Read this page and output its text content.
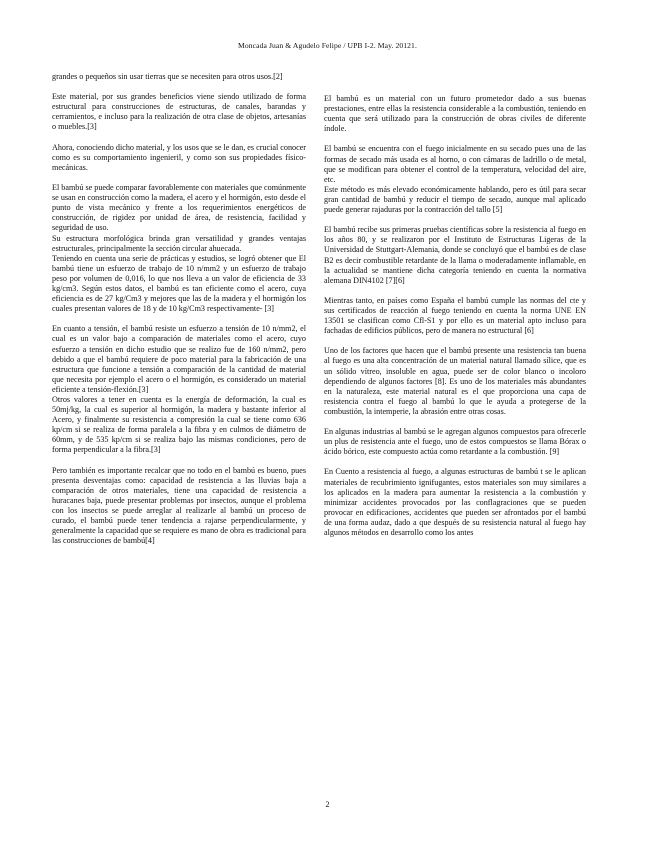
Moncada Juan & Agudelo Felipe / UPB I-2. May. 20121.

grandes o pequeños sin usar tierras que se necesiten para otros usos.[2]

Este material, por sus grandes beneficios viene siendo utilizado de forma estructural para construcciones de estructuras, de canales, barandas y cerramientos, e incluso para la realización de otra clase de objetos, artesanías o muebles.[3]

Ahora, conociendo dicho material, y los usos que se le dan, es crucial conocer como es su comportamiento ingenieril, y como son sus propiedades físico-mecánicas.

El bambú se puede comparar favorablemente con materiales que comúnmente se usan en construcción como la madera, el acero y el hormigón, esto desde el punto de vista mecánico y frente a los requerimientos energéticos de construcción, de rigidez por unidad de área, de resistencia, facilidad y seguridad de uso.

Su estructura morfológica brinda gran versatilidad y grandes ventajas estructurales, principalmente la sección circular ahuecada.

Teniendo en cuenta una serie de prácticas y estudios, se logró obtener que El bambú tiene un esfuerzo de trabajo de 10 n/mm2 y un esfuerzo de trabajo peso por volumen de 0,016, lo que nos lleva a un valor de eficiencia de 33 kg/cm3. Según estos datos, el bambú es tan eficiente como el acero, cuya eficiencia es de 27 kg/Cm3 y mejores que las de la madera y el hormigón los cuales presentan valores de 18 y de 10 kg/Cm3 respectivamente- [3]

En cuanto a tensión, el bambú resiste un esfuerzo a tensión de 10 n/mm2, el cual es un valor bajo a comparación de materiales como el acero, cuyo esfuerzo a tensión en dicho estudio que se realizo fue de 160 n/mm2, pero debido a que el bambú requiere de poco material para la fabricación de una estructura que funcione a tensión a comparación de la cantidad de material que necesita por ejemplo el acero o el hormigón, es considerado un material eficiente a tensión-flexión.[3]

Otros valores a tener en cuenta es la energía de deformación, la cual es 50mj/kg, la cual es superior al hormigón, la madera y bastante inferior al Acero, y finalmente su resistencia a compresión la cual se tiene como 636 kp/cm si se realiza de forma paralela a la fibra y en culmos de diámetro de 60mm, y de 535 kp/cm si se realiza bajo las mismas condiciones, pero de forma perpendicular a la fibra.[3]

Pero también es importante recalcar que no todo en el bambú es bueno, pues presenta desventajas como: capacidad de resistencia a las lluvias baja a comparación de otros materiales, tiene una capacidad de resistencia a huracanes baja, puede presentar problemas por insectos, aunque el problema con los insectos se puede arreglar al realizarle al bambú un proceso de curado, el bambú puede tener tendencia a rajarse perpendicularmente, y generalmente la capacidad que se requiere es mano de obra es tradicional para las construcciones de bambú[4]

El bambú es un material con un futuro prometedor dado a sus buenas prestaciones, entre ellas la resistencia considerable a la combustión, teniendo en cuenta que será utilizado para la construcción de obras civiles de diferente índole.

El bambú se encuentra con el fuego inicialmente en su secado pues una de las formas de secado más usada es al horno, o con cámaras de ladrillo o de metal, que se modifican para obtener el control de la temperatura, velocidad del aire, etc.

Este método es más elevado económicamente hablando, pero es útil para secar gran cantidad de bambú y reducir el tiempo de secado, aunque mal aplicado puede generar rajaduras por la contracción del tallo [5]

El bambú recibe sus primeras pruebas científicas sobre la resistencia al fuego en los años 80, y se realizaron por el Instituto de Estructuras Ligeras de la Universidad de Stuttgart-Alemania, donde se concluyó que el bambú es de clase B2 es decir combustible retardante de la llama o moderadamente inflamable, en la actualidad se mantiene dicha categoría teniendo en cuenta la normativa alemana DIN4102 [7][6]

Mientras tanto, en países como España el bambú cumple las normas del cte y sus certificados de reacción al fuego teniendo en cuenta la norma UNE EN 13501 se clasifican como Cfl-S1 y por ello es un material apto incluso para fachadas de edificios públicos, pero de manera no estructural [6]

Uno de los factores que hacen que el bambú presente una resistencia tan buena al fuego es una alta concentración de un material natural llamado sílice, que es un sólido vítreo, insoluble en agua, puede ser de color blanco o incoloro dependiendo de algunos factores [8]. Es uno de los materiales más abundantes en la naturaleza, este material natural es el que proporciona una capa de resistencia contra el fuego al bambú lo que le ayuda a protegerse de la combustión, la intemperie, la abrasión entre otras cosas.

En algunas industrias al bambú se le agregan algunos compuestos para ofrecerle un plus de resistencia ante el fuego, uno de estos compuestos se llama Bórax o ácido bórico, este compuesto actúa como retardante a la combustión. [9]

En Cuento a resistencia al fuego, a algunas estructuras de bambú t se le aplican materiales de recubrimiento ignifugantes, estos materiales son muy similares a los aplicados en la madera para aumentar la resistencia a la combustión y minimizar accidentes provocados por las conflagraciones que se pueden provocar en edificaciones, accidentes que pueden ser afrontados por el bambú de una forma audaz, dado a que después de su resistencia natural al fuego hay algunos métodos en desarrollo como los antes

2
